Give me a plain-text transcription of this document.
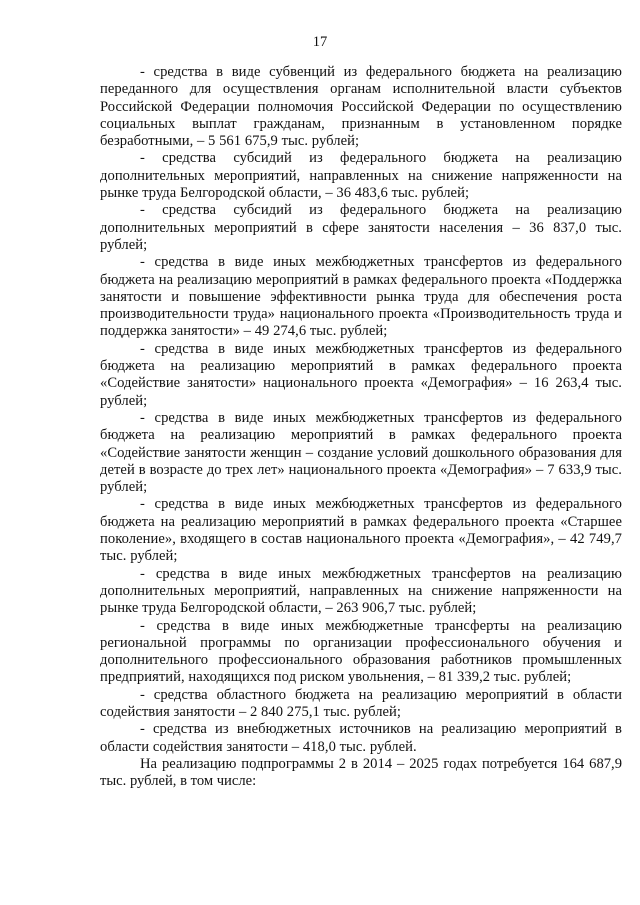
17

- средства в виде субвенций из федерального бюджета на реализацию переданного для осуществления органам исполнительной власти субъектов Российской Федерации полномочия Российской Федерации по осуществлению социальных выплат гражданам, признанным в установленном порядке безработными, – 5 561 675,9 тыс. рублей;

- средства субсидий из федерального бюджета на реализацию дополнительных мероприятий, направленных на снижение напряженности на рынке труда Белгородской области, – 36 483,6 тыс. рублей;

- средства субсидий из федерального бюджета на реализацию дополнительных мероприятий в сфере занятости населения – 36 837,0 тыс. рублей;

- средства в виде иных межбюджетных трансфертов из федерального бюджета на реализацию мероприятий в рамках федерального проекта «Поддержка занятости и повышение эффективности рынка труда для обеспечения роста производительности труда» национального проекта «Производительность труда и поддержка занятости» – 49 274,6 тыс. рублей;

- средства в виде иных межбюджетных трансфертов из федерального бюджета на реализацию мероприятий в рамках федерального проекта «Содействие занятости» национального проекта «Демография» – 16 263,4 тыс. рублей;

- средства в виде иных межбюджетных трансфертов из федерального бюджета на реализацию мероприятий в рамках федерального проекта «Содействие занятости женщин – создание условий дошкольного образования для детей в возрасте до трех лет» национального проекта «Демография» – 7 633,9 тыс. рублей;

- средства в виде иных межбюджетных трансфертов из федерального бюджета на реализацию мероприятий в рамках федерального проекта «Старшее поколение», входящего в состав национального проекта «Демография», – 42 749,7 тыс. рублей;

- средства в виде иных межбюджетных трансфертов на реализацию дополнительных мероприятий, направленных на снижение напряженности на рынке труда Белгородской области, – 263 906,7 тыс. рублей;

- средства в виде иных межбюджетные трансферты на реализацию региональной программы по организации профессионального обучения и дополнительного профессионального образования работников промышленных предприятий, находящихся под риском увольнения, – 81 339,2 тыс. рублей;

- средства областного бюджета на реализацию мероприятий в области содействия занятости – 2 840 275,1 тыс. рублей;

- средства из внебюджетных источников на реализацию мероприятий в области содействия занятости – 418,0 тыс. рублей.

На реализацию подпрограммы 2 в 2014 – 2025 годах потребуется 164 687,9 тыс. рублей, в том числе:
